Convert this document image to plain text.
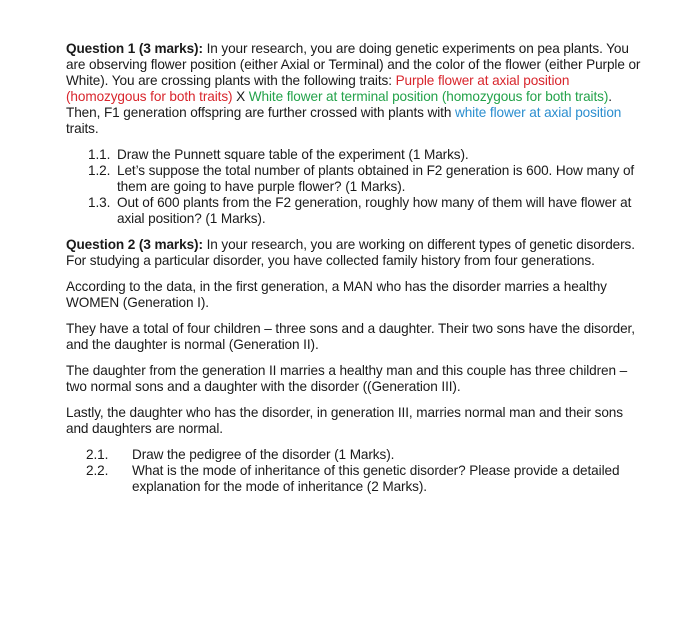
Question 1 (3 marks): In your research, you are doing genetic experiments on pea plants. You are observing flower position (either Axial or Terminal) and the color of the flower (either Purple or White). You are crossing plants with the following traits: Purple flower at axial position (homozygous for both traits) X White flower at terminal position (homozygous for both traits). Then, F1 generation offspring are further crossed with plants with white flower at axial position traits.

1.1. Draw the Punnett square table of the experiment (1 Marks).
1.2. Let’s suppose the total number of plants obtained in F2 generation is 600. How many of them are going to have purple flower? (1 Marks).
1.3. Out of 600 plants from the F2 generation, roughly how many of them will have flower at axial position? (1 Marks).

Question 2 (3 marks): In your research, you are working on different types of genetic disorders. For studying a particular disorder, you have collected family history from four generations.

According to the data, in the first generation, a MAN who has the disorder marries a healthy WOMEN (Generation I).

They have a total of four children – three sons and a daughter. Their two sons have the disorder, and the daughter is normal (Generation II).

The daughter from the generation II marries a healthy man and this couple has three children – two normal sons and a daughter with the disorder ((Generation III).

Lastly, the daughter who has the disorder, in generation III, marries normal man and their sons and daughters are normal.

2.1. Draw the pedigree of the disorder (1 Marks).
2.2. What is the mode of inheritance of this genetic disorder? Please provide a detailed explanation for the mode of inheritance (2 Marks).
